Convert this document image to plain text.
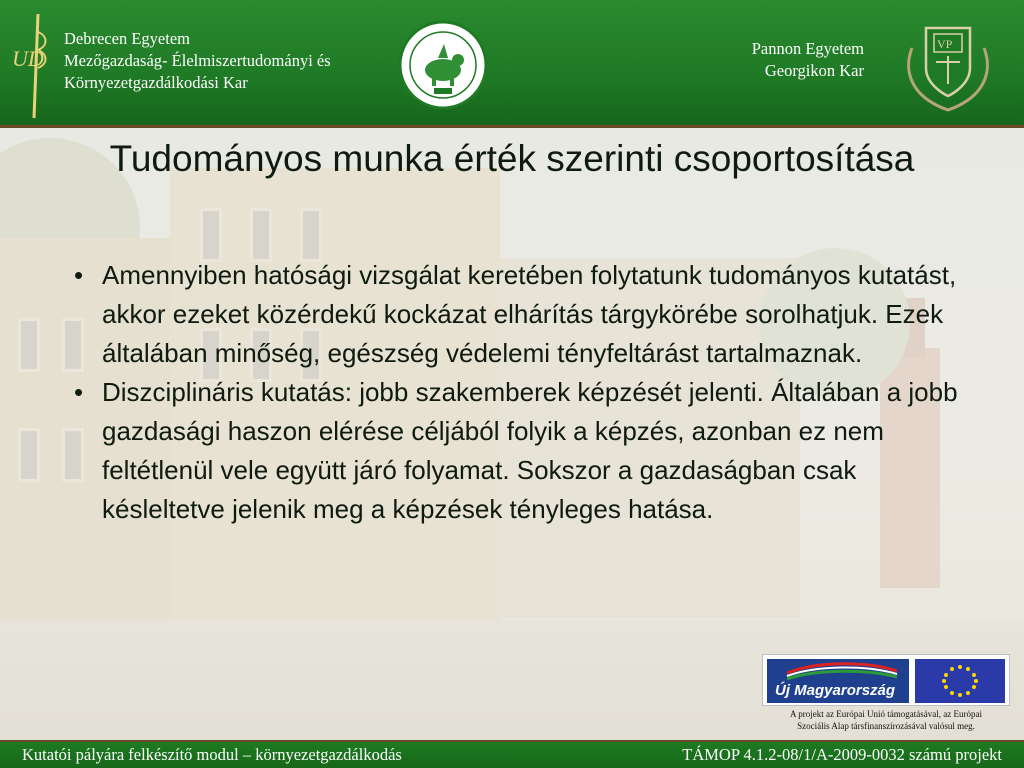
UD
Debrecen Egyetem
Mezőgazdaság- Élelmiszertudományi és
Környezetgazdálkodási Kar
Pannon Egyetem
Georgikon Kar
VP
Tudományos munka érték szerinti csoportosítása
• Amennyiben hatósági vizsgálat keretében folytatunk tudományos kutatást, akkor ezeket közérdekű kockázat elhárítás tárgykörébe sorolhatjuk. Ezek általában minőség, egészség védelemi tényfeltárást tartalmaznak.
• Diszciplináris kutatás: jobb szakemberek képzését jelenti. Általában a jobb gazdasági haszon elérése céljából folyik a képzés, azonban ez nem feltétlenül vele együtt járó folyamat. Sokszor a gazdaságban csak késleltetve jelenik meg a képzések tényleges hatása.
Új Magyarország
A projekt az Európai Unió támogatásával, az Európai
Szociális Alap társfinanszírozásával valósul meg.
Kutatói pályára felkészítő modul – környezetgazdálkodás	TÁMOP 4.1.2-08/1/A-2009-0032 számú projekt
